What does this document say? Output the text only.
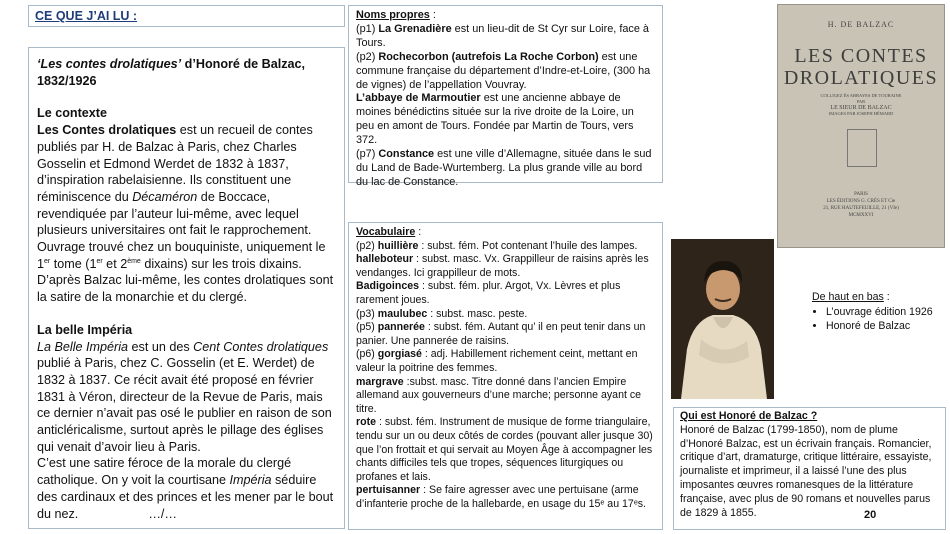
CE QUE J’AI LU :

‘Les contes drolatiques’ d’Honoré de Balzac, 1832/1926

Le contexte

Les Contes drolatiques est un recueil de contes publiés par H. de Balzac à Paris, chez Charles Gosselin et Edmond Werdet de 1832 à 1837, d’inspiration rabelaisienne. Ils constituent une réminiscence du Décaméron de Boccace, revendiquée par l’auteur lui-même, avec lequel plusieurs universitaires ont fait le rapprochement. Ouvrage trouvé chez un bouquiniste, uniquement le 1er tome (1er et 2ème dixains) sur les trois dixains. D’après Balzac lui-même, les contes drolatiques sont la satire de la monarchie et du clergé.

La belle Impéria

La Belle Impéria est un des Cent Contes drolatiques publié à Paris, chez C. Gosselin (et E. Werdet) de 1832 à 1837. Ce récit avait été proposé en février 1831 à Véron, directeur de la Revue de Paris, mais ce dernier n’avait pas osé le publier en raison de son anticléricalisme, surtout après le pillage des églises qui venait d’avoir lieu à Paris.

C’est une satire féroce de la morale du clergé catholique. On y voit la courtisane Impéria séduire des cardinaux et des princes et les mener par le bout du nez.	…/…

Noms propres :

(p1) La Grenadière est un lieu-dit de St Cyr sur Loire, face à Tours.

(p2) Rochecorbon (autrefois La Roche Corbon) est une commune française du département d’Indre-et-Loire, (300 ha de vignes) de l’appellation Vouvray.

L’abbaye de Marmoutier est une ancienne abbaye de moines bénédictins située sur la rive droite de la Loire, un peu en amont de Tours. Fondée par Martin de Tours, vers 372.

(p7) Constance est une ville d’Allemagne, située dans le sud du Land de Bade-Wurtemberg. La plus grande ville au bord du lac de Constance.

Vocabulaire :

(p2) huillière : subst. fém. Pot contenant l’huile des lampes.

halleboteur : subst. masc. Vx. Grappilleur de raisins après les vendanges. Ici grappilleur de mots.

Badigoinces : subst. fém. plur. Argot, Vx. Lèvres et plus rarement joues.

(p3) maulubec : subst. masc. peste.

(p5) pannerée : subst. fém. Autant qu’ il en peut tenir dans un panier. Une pannerée de raisins.

(p6) gorgiasé : adj. Habillement richement ceint, mettant en valeur la poitrine des femmes.

margrave :subst. masc. Titre donné dans l’ancien Empire allemand aux gouverneurs d’une marche; personne ayant ce titre.

rote : subst. fém. Instrument de musique de forme triangulaire, tendu sur un ou deux côtés de cordes (pouvant aller jusque 30) que l’on frottait et qui servait au Moyen Âge à accompagner les chants difficiles tels que tropes, séquences liturgiques ou profanes et lais.

pertuisanner : Se faire agresser avec une pertuisane (arme d’infanterie proche de la hallebarde, en usage du 15ᵉ au 17ᵉs.

H. DE BALZAC
LES CONTES
DROLATIQUES
COLLIGEZ ÈS ABBAYES DE TOURAINE
PAR
LE SIEUR DE BALZAC
IMAGES PAR JOSEPH HÉMARD
PARIS
LES ÉDITIONS G. CRÈS ET Cie
21, RUE HAUTEFEUILLE, 21 (VIe)
MCMXXVI
De haut en bas :
• L’ouvrage édition 1926
• Honoré de Balzac

Qui est Honoré de Balzac ?

Honoré de Balzac (1799-1850), nom de plume d’Honoré Balzac, est un écrivain français. Romancier, critique d’art, dramaturge, critique littéraire, essayiste, journaliste et imprimeur, il a laissé l’une des plus imposantes œuvres romanesques de la littérature française, avec plus de 90 romans et nouvelles parus de 1829 à 1855.	20
